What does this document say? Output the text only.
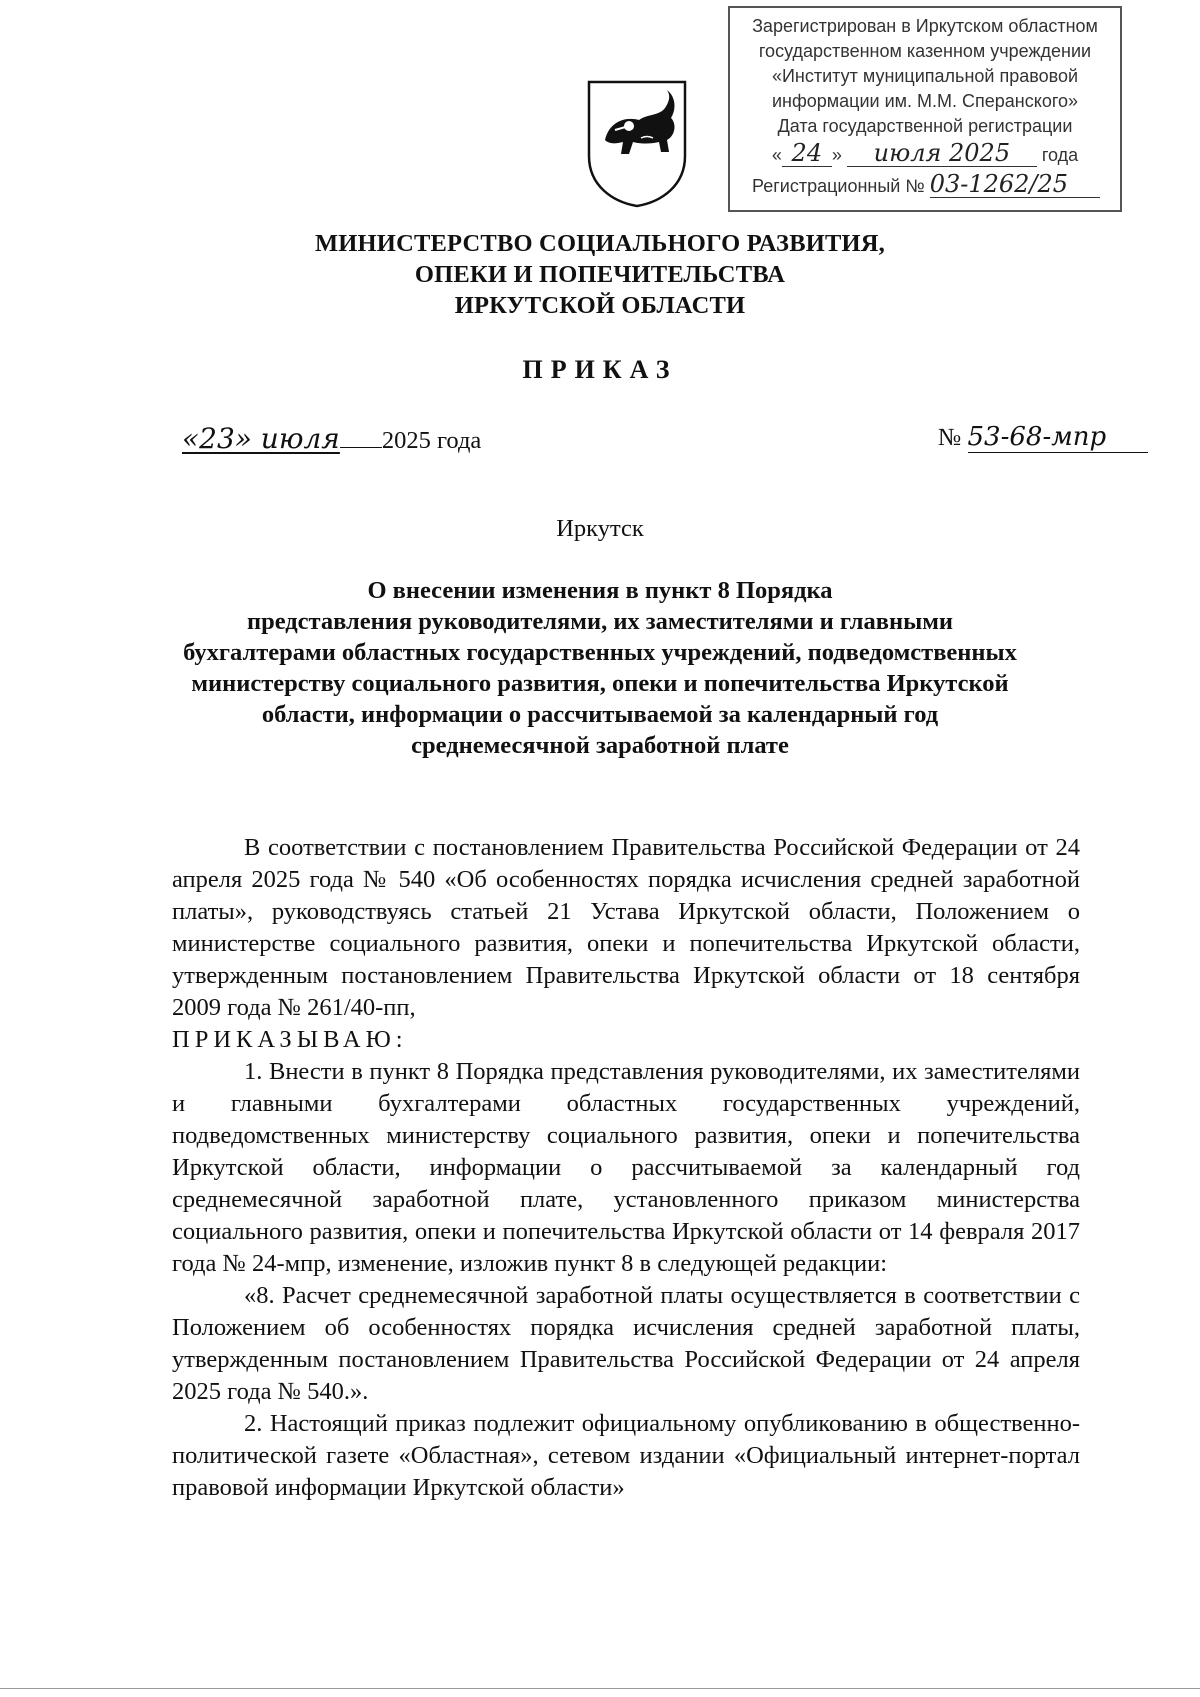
Зарегистрирован в Иркутском областном
государственном казенном учреждении
«Институт муниципальной правовой
информации им. М.М. Сперанского»
Дата государственной регистрации
« 24 » июля 2025 года
Регистрационный № 03-1262/25
МИНИСТЕРСТВО СОЦИАЛЬНОГО РАЗВИТИЯ,
ОПЕКИ И ПОПЕЧИТЕЛЬСТВА
ИРКУТСКОЙ ОБЛАСТИ
ПРИКАЗ
«23» июля 2025 года	№ 53-68-мпр
Иркутск
О внесении изменения в пункт 8 Порядка
представления руководителями, их заместителями и главными
бухгалтерами областных государственных учреждений, подведомственных
министерству социального развития, опеки и попечительства Иркутской
области, информации о рассчитываемой за календарный год
среднемесячной заработной плате

В соответствии с постановлением Правительства Российской Федерации от 24 апреля 2025 года № 540 «Об особенностях порядка исчисления средней заработной платы», руководствуясь статьей 21 Устава Иркутской области, Положением о министерстве социального развития, опеки и попечительства Иркутской области, утвержденным постановлением Правительства Иркутской области от 18 сентября 2009 года № 261/40-пп,

ПРИКАЗЫВАЮ:

1. Внести в пункт 8 Порядка представления руководителями, их заместителями и главными бухгалтерами областных государственных учреждений, подведомственных министерству социального развития, опеки и попечительства Иркутской области, информации о рассчитываемой за календарный год среднемесячной заработной плате, установленного приказом министерства социального развития, опеки и попечительства Иркутской области от 14 февраля 2017 года № 24-мпр, изменение, изложив пункт 8 в следующей редакции:

«8. Расчет среднемесячной заработной платы осуществляется в соответствии с Положением об особенностях порядка исчисления средней заработной платы, утвержденным постановлением Правительства Российской Федерации от 24 апреля 2025 года № 540.».

2. Настоящий приказ подлежит официальному опубликованию в общественно-политической газете «Областная», сетевом издании «Официальный интернет-портал правовой информации Иркутской области»
